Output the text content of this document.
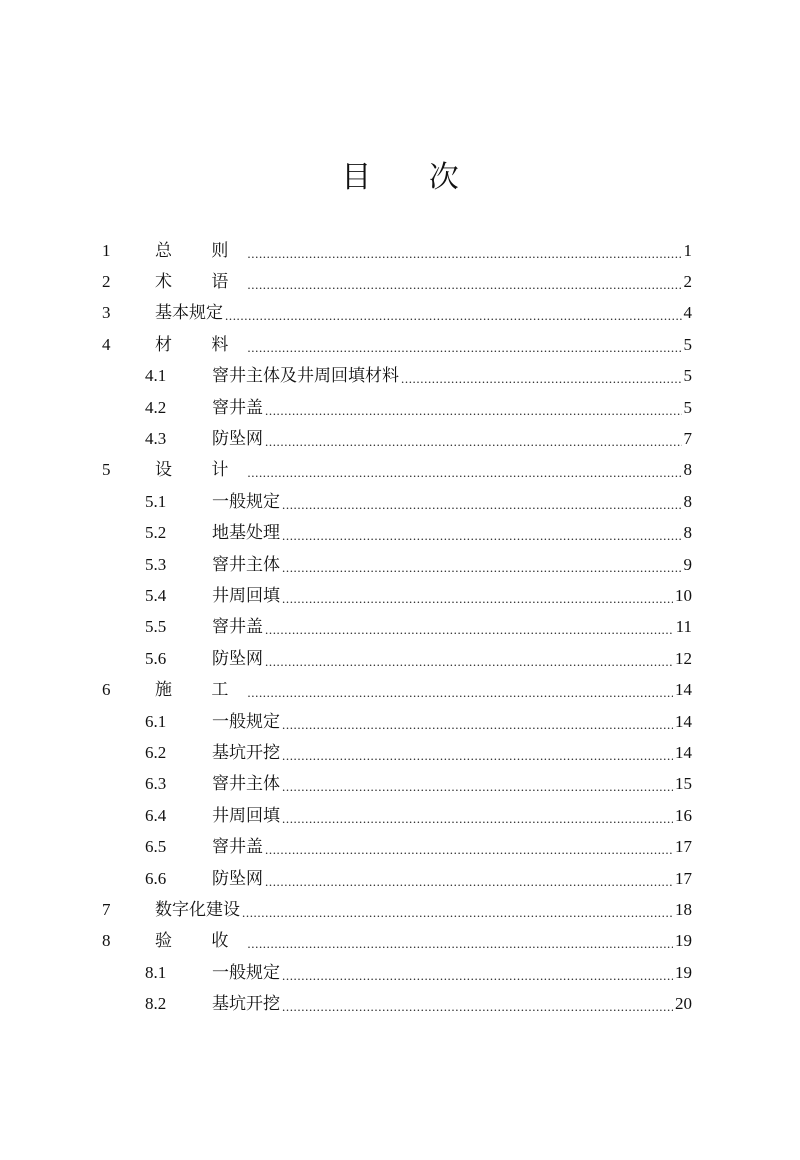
目 次
1	总 则 .....	1
2	术 语 .....	2
3	基本规定 .....	4
4	材 料 .....	5
4.1	窨井主体及井周回填材料 .....	5
4.2	窨井盖 .....	5
4.3	防坠网 .....	7
5	设 计 .....	8
5.1	一般规定 .....	8
5.2	地基处理 .....	8
5.3	窨井主体 .....	9
5.4	井周回填 .....	10
5.5	窨井盖 .....	11
5.6	防坠网 .....	12
6	施 工 .....	14
6.1	一般规定 .....	14
6.2	基坑开挖 .....	14
6.3	窨井主体 .....	15
6.4	井周回填 .....	16
6.5	窨井盖 .....	17
6.6	防坠网 .....	17
7	数字化建设 .....	18
8	验 收 .....	19
8.1	一般规定 .....	19
8.2	基坑开挖 .....	20
